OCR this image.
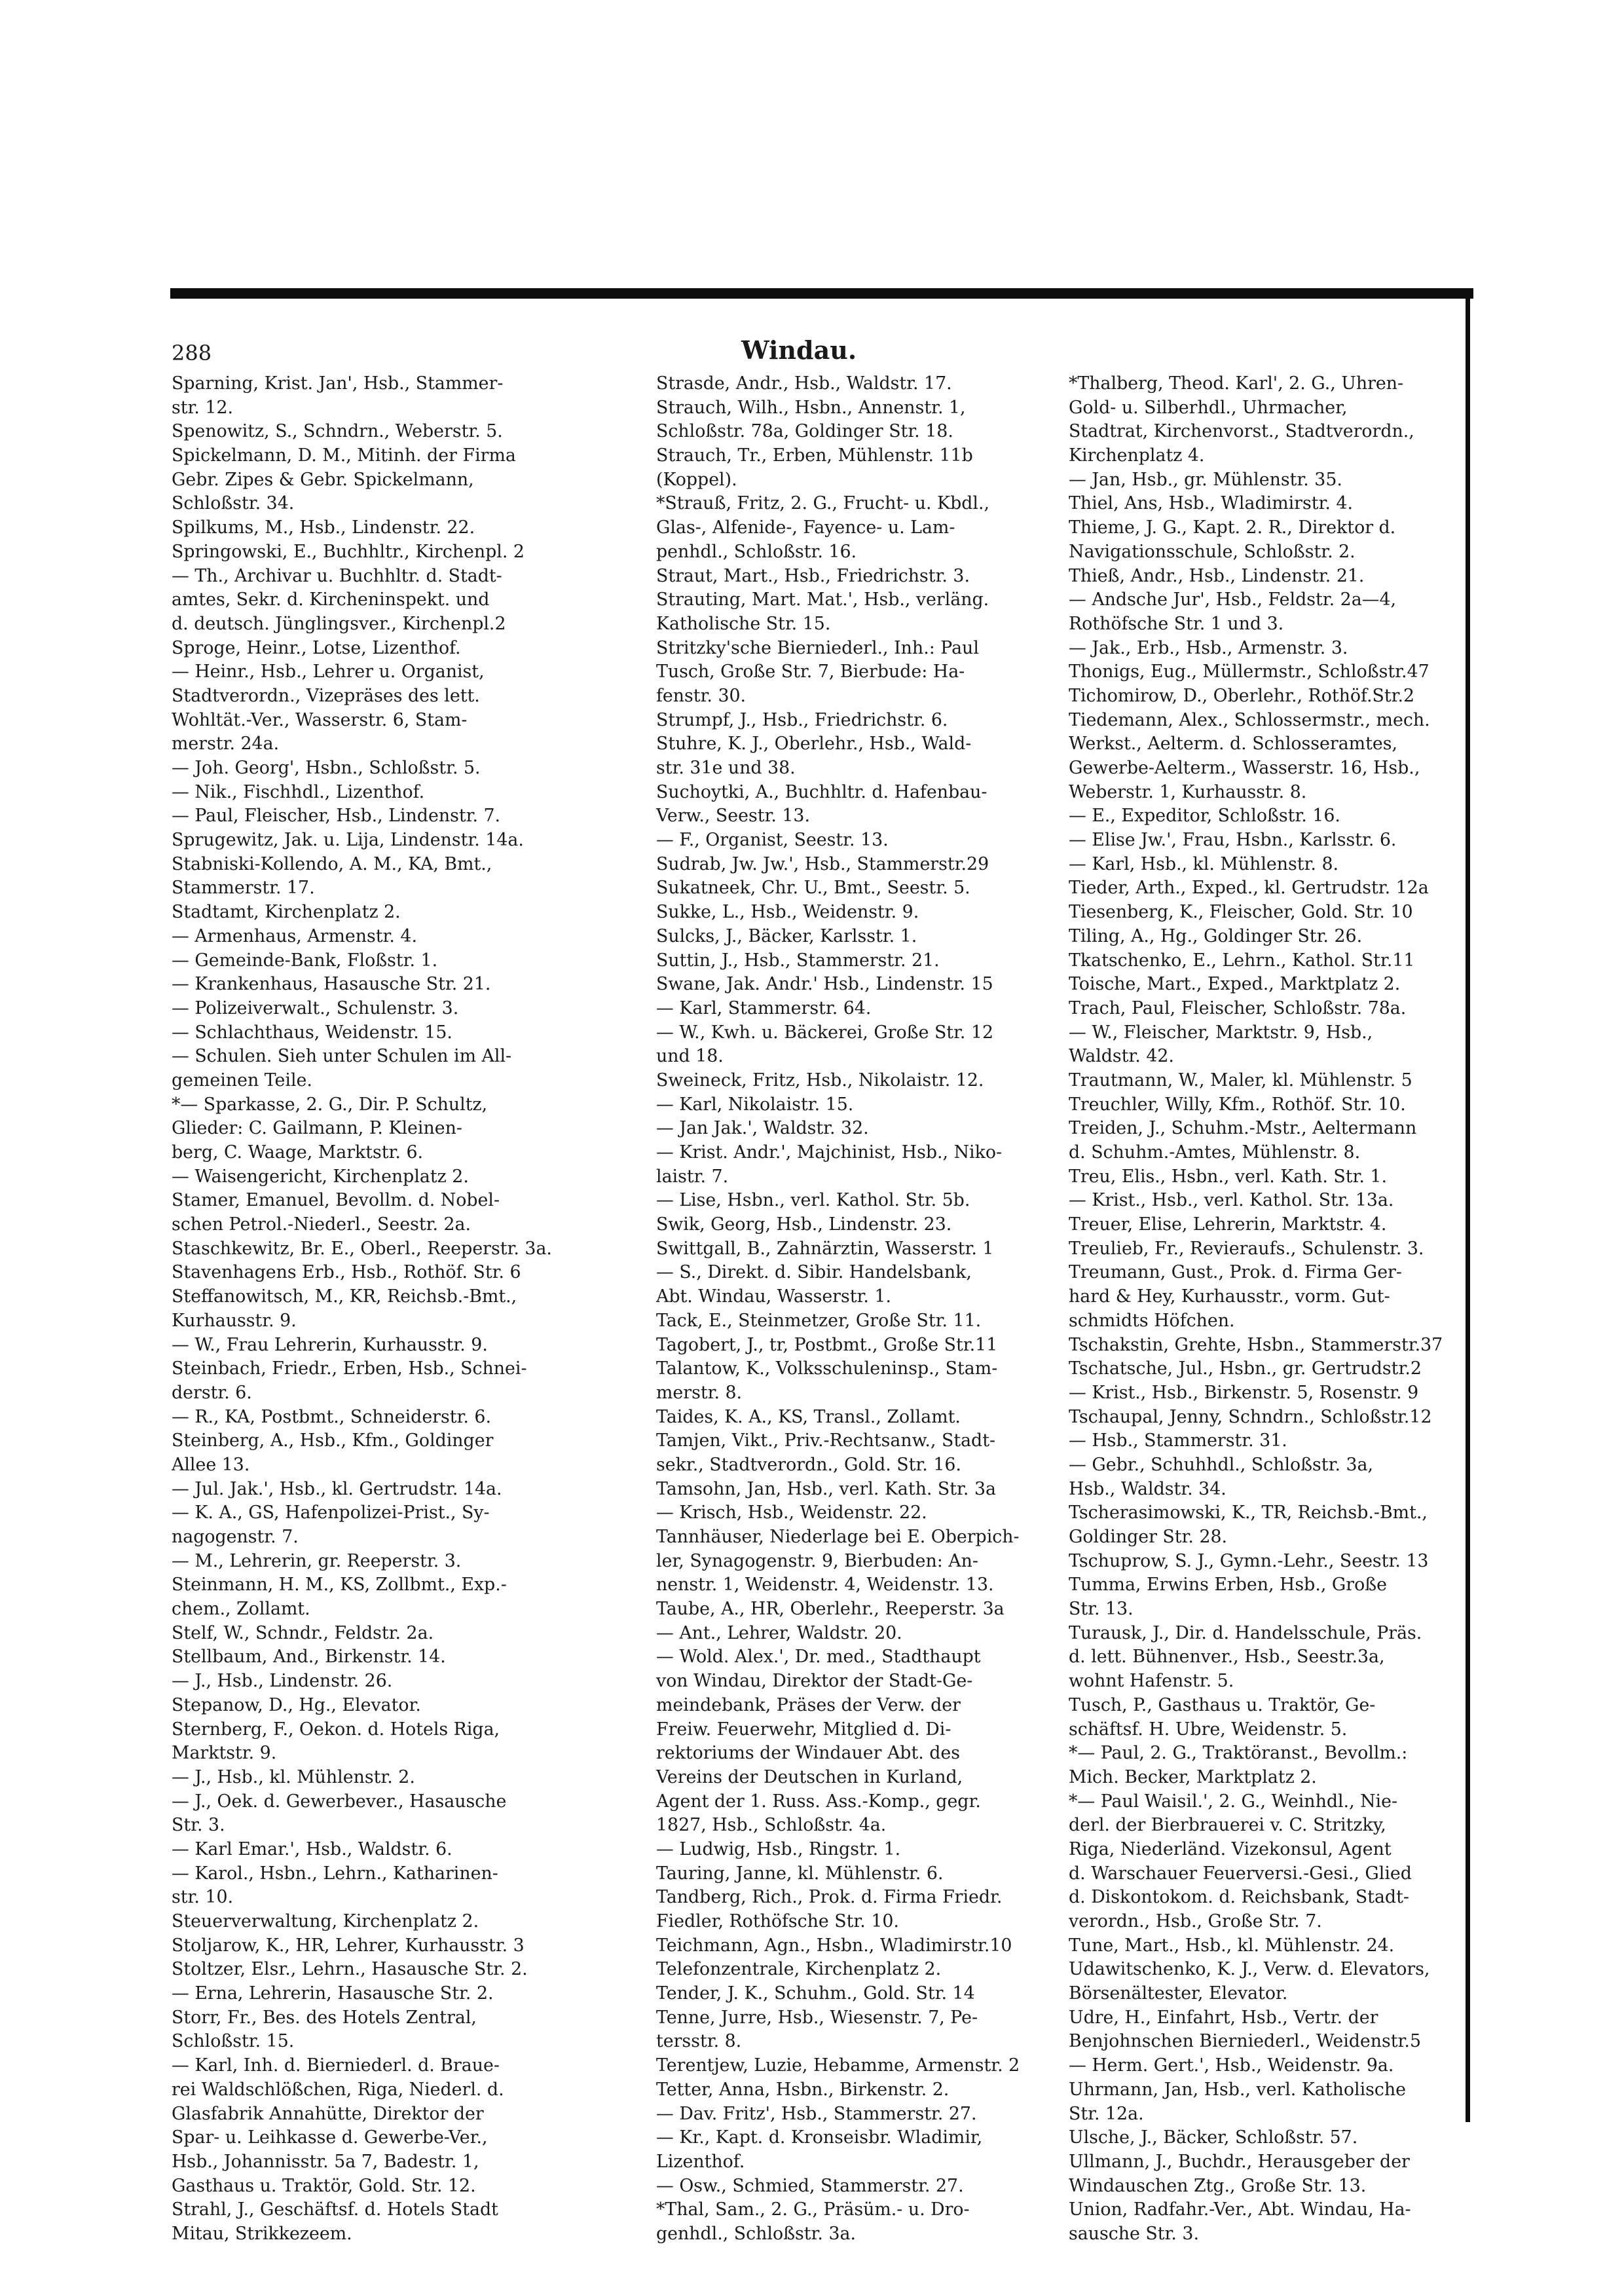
288	Windau.
Sparning, Krist. Jan', Hsb., Stammer-
str. 12.
Spenowitz, S., Schndrn., Weberstr. 5.
Spickelmann, D. M., Mitinh. der Firma
Gebr. Zipes & Gebr. Spickelmann,
Schloßstr. 34.
Spilkums, M., Hsb., Lindenstr. 22.
Springowski, E., Buchhltr., Kirchenpl. 2
— Th., Archivar u. Buchhltr. d. Stadt-
amtes, Sekr. d. Kircheninspekt. und
d. deutsch. Jünglingsver., Kirchenpl.2
Sproge, Heinr., Lotse, Lizenthof.
— Heinr., Hsb., Lehrer u. Organist,
Stadtverordn., Vizepräses des lett.
Wohltät.-Ver., Wasserstr. 6, Stam-
merstr. 24a.
— Joh. Georg', Hsbn., Schloßstr. 5.
— Nik., Fischhdl., Lizenthof.
— Paul, Fleischer, Hsb., Lindenstr. 7.
Sprugewitz, Jak. u. Lija, Lindenstr. 14a.
Stabniski-Kollendo, A. M., KA, Bmt.,
Stammerstr. 17.
Stadtamt, Kirchenplatz 2.
— Armenhaus, Armenstr. 4.
— Gemeinde-Bank, Floßstr. 1.
— Krankenhaus, Hasausche Str. 21.
— Polizeiverwalt., Schulenstr. 3.
— Schlachthaus, Weidenstr. 15.
— Schulen. Sieh unter Schulen im All-
gemeinen Teile.
*— Sparkasse, 2. G., Dir. P. Schultz,
Glieder: C. Gailmann, P. Kleinen-
berg, C. Waage, Marktstr. 6.
— Waisengericht, Kirchenplatz 2.
Stamer, Emanuel, Bevollm. d. Nobel-
schen Petrol.-Niederl., Seestr. 2a.
Staschkewitz, Br. E., Oberl., Reeperstr. 3a.
Stavenhagens Erb., Hsb., Rothöf. Str. 6
Steffanowitsch, M., KR, Reichsb.-Bmt.,
Kurhausstr. 9.
— W., Frau Lehrerin, Kurhausstr. 9.
Steinbach, Friedr., Erben, Hsb., Schnei-
derstr. 6.
— R., KA, Postbmt., Schneiderstr. 6.
Steinberg, A., Hsb., Kfm., Goldinger
Allee 13.
— Jul. Jak.', Hsb., kl. Gertrudstr. 14a.
— K. A., GS, Hafenpolizei-Prist., Sy-
nagogenstr. 7.
— M., Lehrerin, gr. Reeperstr. 3.
Steinmann, H. M., KS, Zollbmt., Exp.-
chem., Zollamt.
Stelf, W., Schndr., Feldstr. 2a.
Stellbaum, And., Birkenstr. 14.
— J., Hsb., Lindenstr. 26.
Stepanow, D., Hg., Elevator.
Sternberg, F., Oekon. d. Hotels Riga,
Marktstr. 9.
— J., Hsb., kl. Mühlenstr. 2.
— J., Oek. d. Gewerbever., Hasausche
Str. 3.
— Karl Emar.', Hsb., Waldstr. 6.
— Karol., Hsbn., Lehrn., Katharinen-
str. 10.
Steuerverwaltung, Kirchenplatz 2.
Stoljarow, K., HR, Lehrer, Kurhausstr. 3
Stoltzer, Elsr., Lehrn., Hasausche Str. 2.
— Erna, Lehrerin, Hasausche Str. 2.
Storr, Fr., Bes. des Hotels Zentral,
Schloßstr. 15.
— Karl, Inh. d. Bierniederl. d. Braue-
rei Waldschlößchen, Riga, Niederl. d.
Glasfabrik Annahütte, Direktor der
Spar- u. Leihkasse d. Gewerbe-Ver.,
Hsb., Johannisstr. 5a 7, Badestr. 1,
Gasthaus u. Traktör, Gold. Str. 12.
Strahl, J., Geschäftsf. d. Hotels Stadt
Mitau, Strikkezeem.
Strasde, Andr., Hsb., Waldstr. 17.
Strauch, Wilh., Hsbn., Annenstr. 1,
Schloßstr. 78a, Goldinger Str. 18.
Strauch, Tr., Erben, Mühlenstr. 11b
(Koppel).
*Strauß, Fritz, 2. G., Frucht- u. Kbdl.,
Glas-, Alfenide-, Fayence- u. Lam-
penhdl., Schloßstr. 16.
Straut, Mart., Hsb., Friedrichstr. 3.
Strauting, Mart. Mat.', Hsb., verläng.
Katholische Str. 15.
Stritzky'sche Bierniederl., Inh.: Paul
Tusch, Große Str. 7, Bierbude: Ha-
fenstr. 30.
Strumpf, J., Hsb., Friedrichstr. 6.
Stuhre, K. J., Oberlehr., Hsb., Wald-
str. 31e und 38.
Suchoytki, A., Buchhltr. d. Hafenbau-
Verw., Seestr. 13.
— F., Organist, Seestr. 13.
Sudrab, Jw. Jw.', Hsb., Stammerstr.29
Sukatneek, Chr. U., Bmt., Seestr. 5.
Sukke, L., Hsb., Weidenstr. 9.
Sulcks, J., Bäcker, Karlsstr. 1.
Suttin, J., Hsb., Stammerstr. 21.
Swane, Jak. Andr.' Hsb., Lindenstr. 15
— Karl, Stammerstr. 64.
— W., Kwh. u. Bäckerei, Große Str. 12
und 18.
Sweineck, Fritz, Hsb., Nikolaistr. 12.
— Karl, Nikolaistr. 15.
— Jan Jak.', Waldstr. 32.
— Krist. Andr.', Majchinist, Hsb., Niko-
laistr. 7.
— Lise, Hsbn., verl. Kathol. Str. 5b.
Swik, Georg, Hsb., Lindenstr. 23.
Swittgall, B., Zahnärztin, Wasserstr. 1
— S., Direkt. d. Sibir. Handelsbank,
Abt. Windau, Wasserstr. 1.
Tack, E., Steinmetzer, Große Str. 11.
Tagobert, J., tr, Postbmt., Große Str.11
Talantow, K., Volksschuleninsp., Stam-
merstr. 8.
Taides, K. A., KS, Transl., Zollamt.
Tamjen, Vikt., Priv.-Rechtsanw., Stadt-
sekr., Stadtverordn., Gold. Str. 16.
Tamsohn, Jan, Hsb., verl. Kath. Str. 3a
— Krisch, Hsb., Weidenstr. 22.
Tannhäuser, Niederlage bei E. Oberpich-
ler, Synagogenstr. 9, Bierbuden: An-
nenstr. 1, Weidenstr. 4, Weidenstr. 13.
Taube, A., HR, Oberlehr., Reeperstr. 3a
— Ant., Lehrer, Waldstr. 20.
— Wold. Alex.', Dr. med., Stadthaupt
von Windau, Direktor der Stadt-Ge-
meindebank, Präses der Verw. der
Freiw. Feuerwehr, Mitglied d. Di-
rektoriums der Windauer Abt. des
Vereins der Deutschen in Kurland,
Agent der 1. Russ. Ass.-Komp., gegr.
1827, Hsb., Schloßstr. 4a.
— Ludwig, Hsb., Ringstr. 1.
Tauring, Janne, kl. Mühlenstr. 6.
Tandberg, Rich., Prok. d. Firma Friedr.
Fiedler, Rothöfsche Str. 10.
Teichmann, Agn., Hsbn., Wladimirstr.10
Telefonzentrale, Kirchenplatz 2.
Tender, J. K., Schuhm., Gold. Str. 14
Tenne, Jurre, Hsb., Wiesenstr. 7, Pe-
tersstr. 8.
Terentjew, Luzie, Hebamme, Armenstr. 2
Tetter, Anna, Hsbn., Birkenstr. 2.
— Dav. Fritz', Hsb., Stammerstr. 27.
— Kr., Kapt. d. Kronseisbr. Wladimir,
Lizenthof.
— Osw., Schmied, Stammerstr. 27.
*Thal, Sam., 2. G., Präsüm.- u. Dro-
genhdl., Schloßstr. 3a.
*Thalberg, Theod. Karl', 2. G., Uhren-
Gold- u. Silberhdl., Uhrmacher,
Stadtrat, Kirchenvorst., Stadtverordn.,
Kirchenplatz 4.
— Jan, Hsb., gr. Mühlenstr. 35.
Thiel, Ans, Hsb., Wladimirstr. 4.
Thieme, J. G., Kapt. 2. R., Direktor d.
Navigationsschule, Schloßstr. 2.
Thieß, Andr., Hsb., Lindenstr. 21.
— Andsche Jur', Hsb., Feldstr. 2a—4,
Rothöfsche Str. 1 und 3.
— Jak., Erb., Hsb., Armenstr. 3.
Thonigs, Eug., Müllermstr., Schloßstr.47
Tichomirow, D., Oberlehr., Rothöf.Str.2
Tiedemann, Alex., Schlossermstr., mech.
Werkst., Aelterm. d. Schlosseramtes,
Gewerbe-Aelterm., Wasserstr. 16, Hsb.,
Weberstr. 1, Kurhausstr. 8.
— E., Expeditor, Schloßstr. 16.
— Elise Jw.', Frau, Hsbn., Karlsstr. 6.
— Karl, Hsb., kl. Mühlenstr. 8.
Tieder, Arth., Exped., kl. Gertrudstr. 12a
Tiesenberg, K., Fleischer, Gold. Str. 10
Tiling, A., Hg., Goldinger Str. 26.
Tkatschenko, E., Lehrn., Kathol. Str.11
Toische, Mart., Exped., Marktplatz 2.
Trach, Paul, Fleischer, Schloßstr. 78a.
— W., Fleischer, Marktstr. 9, Hsb.,
Waldstr. 42.
Trautmann, W., Maler, kl. Mühlenstr. 5
Treuchler, Willy, Kfm., Rothöf. Str. 10.
Treiden, J., Schuhm.-Mstr., Aeltermann
d. Schuhm.-Amtes, Mühlenstr. 8.
Treu, Elis., Hsbn., verl. Kath. Str. 1.
— Krist., Hsb., verl. Kathol. Str. 13a.
Treuer, Elise, Lehrerin, Marktstr. 4.
Treulieb, Fr., Revieraufs., Schulenstr. 3.
Treumann, Gust., Prok. d. Firma Ger-
hard & Hey, Kurhausstr., vorm. Gut-
schmidts Höfchen.
Tschakstin, Grehte, Hsbn., Stammerstr.37
Tschatsche, Jul., Hsbn., gr. Gertrudstr.2
— Krist., Hsb., Birkenstr. 5, Rosenstr. 9
Tschaupal, Jenny, Schndrn., Schloßstr.12
— Hsb., Stammerstr. 31.
— Gebr., Schuhhdl., Schloßstr. 3a,
Hsb., Waldstr. 34.
Tscherasimowski, K., TR, Reichsb.-Bmt.,
Goldinger Str. 28.
Tschuprow, S. J., Gymn.-Lehr., Seestr. 13
Tumma, Erwins Erben, Hsb., Große
Str. 13.
Turausk, J., Dir. d. Handelsschule, Präs.
d. lett. Bühnenver., Hsb., Seestr.3a,
wohnt Hafenstr. 5.
Tusch, P., Gasthaus u. Traktör, Ge-
schäftsf. H. Ubre, Weidenstr. 5.
*— Paul, 2. G., Traktöranst., Bevollm.:
Mich. Becker, Marktplatz 2.
*— Paul Waisil.', 2. G., Weinhdl., Nie-
derl. der Bierbrauerei v. C. Stritzky,
Riga, Niederländ. Vizekonsul, Agent
d. Warschauer Feuerversi.-Gesi., Glied
d. Diskontokom. d. Reichsbank, Stadt-
verordn., Hsb., Große Str. 7.
Tune, Mart., Hsb., kl. Mühlenstr. 24.
Udawitschenko, K. J., Verw. d. Elevators,
Börsenältester, Elevator.
Udre, H., Einfahrt, Hsb., Vertr. der
Benjohnschen Bierniederl., Weidenstr.5
— Herm. Gert.', Hsb., Weidenstr. 9a.
Uhrmann, Jan, Hsb., verl. Katholische
Str. 12a.
Ulsche, J., Bäcker, Schloßstr. 57.
Ullmann, J., Buchdr., Herausgeber der
Windauschen Ztg., Große Str. 13.
Union, Radfahr.-Ver., Abt. Windau, Ha-
sausche Str. 3.
